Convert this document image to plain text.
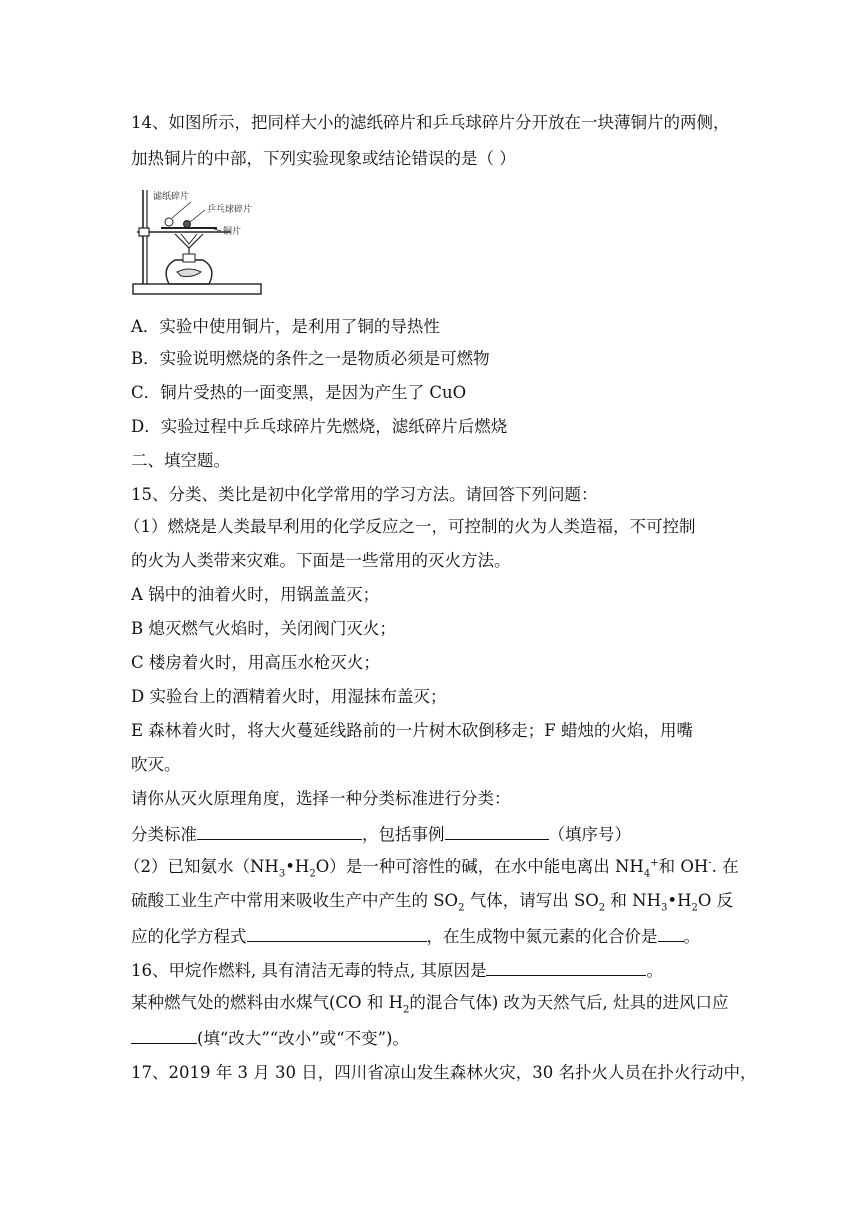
14、如图所示，把同样大小的滤纸碎片和乒乓球碎片分开放在一块薄铜片的两侧，
加热铜片的中部，下列实验现象或结论错误的是（ ）
滤纸碎片
乒乓球碎片
铜片
A．实验中使用铜片，是利用了铜的导热性
B．实验说明燃烧的条件之一是物质必须是可燃物
C．铜片受热的一面变黑，是因为产生了 CuO
D．实验过程中乒乓球碎片先燃烧，滤纸碎片后燃烧
二、填空题。
15、分类、类比是初中化学常用的学习方法。请回答下列问题：
（1）燃烧是人类最早利用的化学反应之一，可控制的火为人类造福，不可控制
的火为人类带来灾难。下面是一些常用的灭火方法。
A 锅中的油着火时，用锅盖盖灭；
B 熄灭燃气火焰时，关闭阀门灭火；
C 楼房着火时，用高压水枪灭火；
D 实验台上的酒精着火时，用湿抹布盖灭；
E 森林着火时，将大火蔓延线路前的一片树木砍倒移走；F 蜡烛的火焰，用嘴
吹灭。
请你从灭火原理角度，选择一种分类标准进行分类：
分类标准	，包括事例	（填序号）
（2）已知氨水$(NH_3•H_2O)$是一种可溶性的碱，在水中能电离出 $NH_4^+$和 OH-. 在
硫酸工业生产中常用来吸收生产中产生的 $SO_2$ 气体，请写出 $SO_2$ 和 $NH_3•H_2O$ 反
应的化学方程式	，在生成物中氮元素的化合价是 。
16、甲烷作燃料, 具有清洁无毒的特点, 其原因是	。
某种燃气处的燃料由水煤气(CO 和 $H_2$的混合气体) 改为天然气后, 灶具的进风口应
(填“改大”“改小”或“不变”)。
17、2019 年 3 月 30 日，四川省凉山发生森林火灾，30 名扑火人员在扑火行动中，
